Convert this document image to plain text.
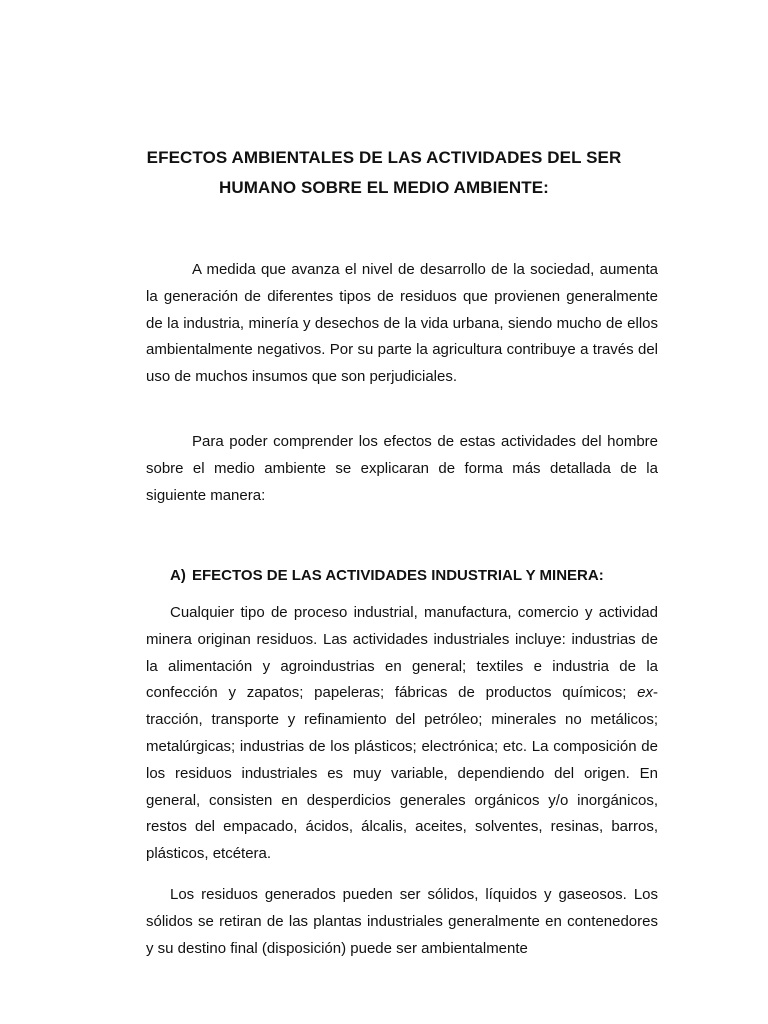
EFECTOS AMBIENTALES DE LAS ACTIVIDADES DEL SER HUMANO SOBRE EL MEDIO AMBIENTE:

A medida que avanza el nivel de desarrollo de la sociedad, aumenta la generación de diferentes tipos de residuos que provienen generalmente de la industria, minería y desechos de la vida urbana, siendo mucho de ellos ambientalmente negativos. Por su parte la agricultura contribuye a través del uso de muchos insumos que son perjudiciales.

Para poder comprender los efectos de estas actividades del hombre sobre el medio ambiente se explicaran de forma más detallada de la siguiente manera:

A) EFECTOS DE LAS ACTIVIDADES INDUSTRIAL Y MINERA:

Cualquier tipo de proceso industrial, manufactura, comercio y actividad minera originan residuos. Las actividades industriales incluye: industrias de la alimentación y agroindustrias en general; textiles e industria de la confección y zapatos; papeleras; fábricas de productos químicos; ex-tracción, transporte y refinamiento del petróleo; minerales no metálicos; metalúrgicas; industrias de los plásticos; electrónica; etc. La composición de los residuos industriales es muy variable, dependiendo del origen. En general, consisten en desperdicios generales orgánicos y/o inorgánicos, restos del empacado, ácidos, álcalis, aceites, solventes, resinas, barros, plásticos, etcétera.

Los residuos generados pueden ser sólidos, líquidos y gaseosos. Los sólidos se retiran de las plantas industriales generalmente en contenedores y su destino final (disposición) puede ser ambientalmente
